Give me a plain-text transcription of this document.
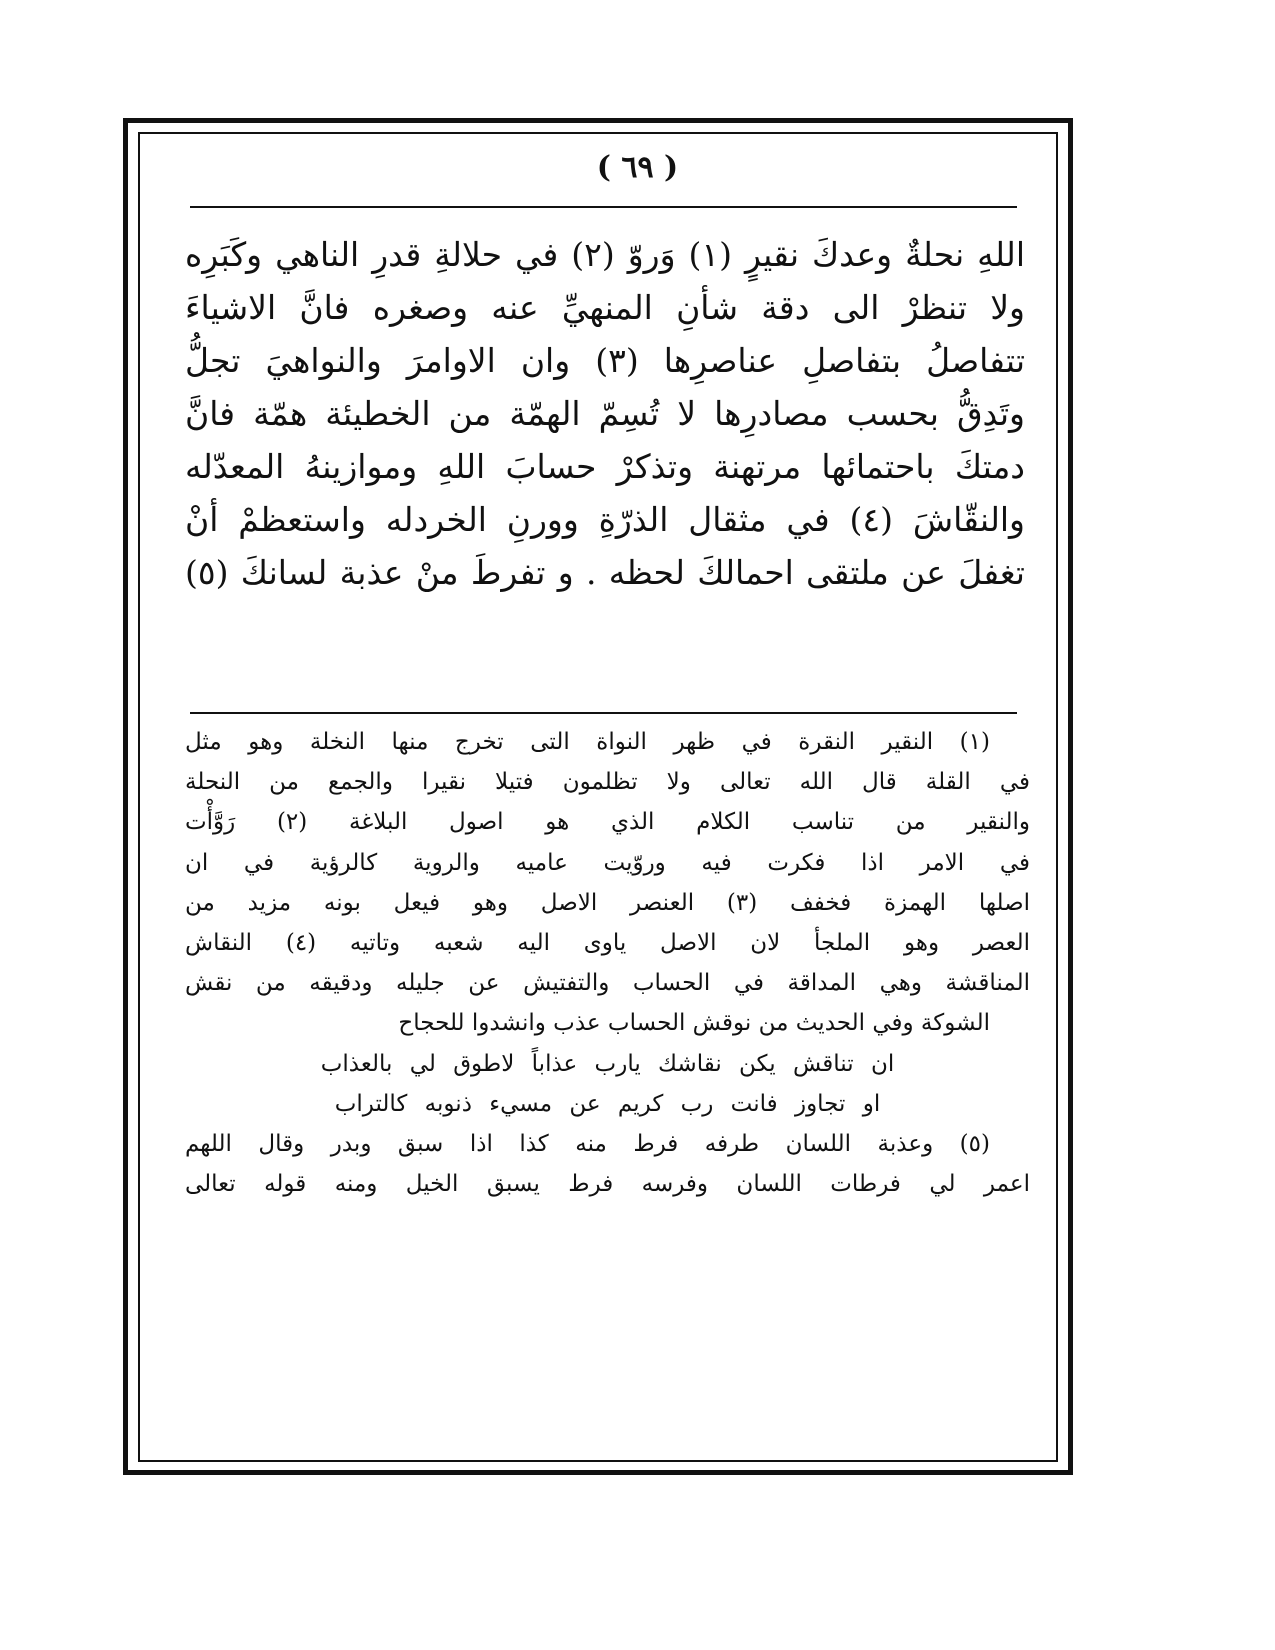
( ٦٩ )
اللهِ نحلةٌ وعدكَ نقيرٍ (١) وَروّ (٢) في حلالةِ قدرِ الناهي وكَبَرِه
ولا تنظرْ الى دقة شأنِ المنهيِّ عنه وصغره فانَّ الاشياءَ
تتفاصلُ بتفاصلِ عناصرِها (٣) وان الاوامرَ والنواهيَ تجلُّ
وتَدِقُّ بحسب مصادرِها لا تُسِمّ الهمّة من الخطيئة همّة فانَّ
دمتكَ باحتمائها مرتهنة وتذكرْ حسابَ اللهِ وموازينهُ المعدّله
والنقّاشَ (٤) في مثقال الذرّةِ وورنِ الخردله واستعظمْ أنْ
تغفلَ عن ملتقى احمالكَ لحظه . و تفرطَ منْ عذبة لسانكَ (٥)
(١) النقير النقرة في ظهر النواة التى تخرج منها النخلة وهو مثل
في القلة قال الله تعالى ولا تظلمون فتيلا نقيرا والجمع من النحلة
والنقير من تناسب الكلام الذي هو اصول البلاغة (٢) رَوَّأْت
في الامر اذا فكرت فيه وروّيت عاميه والروية كالرؤية في ان
اصلها الهمزة فخفف (٣) العنصر الاصل وهو فيعل بونه مزيد من
العصر وهو الملجأ لان الاصل ياوى اليه شعبه وتاتيه (٤) النقاش
المناقشة وهي المداقة في الحساب والتفتيش عن جليله ودقيقه من نقش
الشوكة وفي الحديث من نوقش الحساب عذب وانشدوا للحجاح
ان تناقش يكن نقاشك يارب عذاباً لاطوق لي بالعذاب
او تجاوز فانت رب كريم عن مسيء ذنوبه كالتراب
(٥) وعذبة اللسان طرفه فرط منه كذا اذا سبق وبدر وقال اللهم
اعمر لي فرطات اللسان وفرسه فرط يسبق الخيل ومنه قوله تعالى
